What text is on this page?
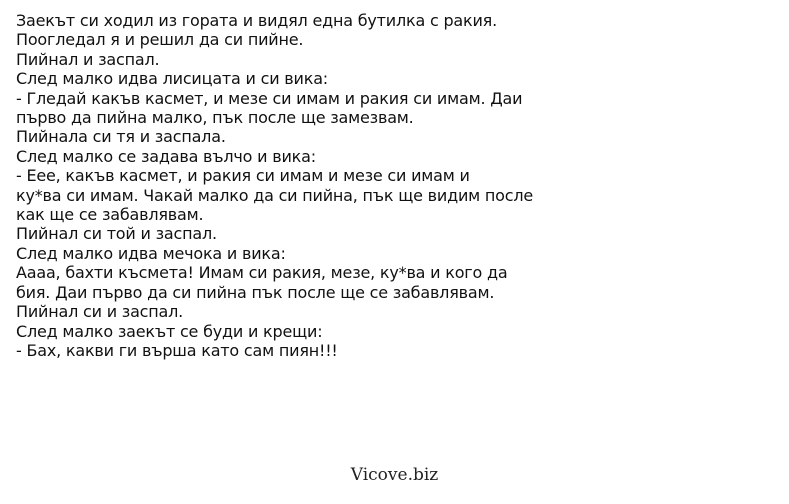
Заекът си ходил из гората и видял една бутилка с ракия.
Поогледал я и решил да си пийне.
Пийнал и заспал.
След малко идва лисицата и си вика:
- Гледай какъв касмет, и мезе си имам и ракия си имам. Даи
първо да пийна малко, пък после ще замезвам.
Пийнала си тя и заспала.
След малко се задава вълчо и вика:
- Еее, какъв касмет, и ракия си имам и мезе си имам и
ку*ва си имам. Чакай малко да си пийна, пък ще видим после
как ще се забавлявам.
Пийнал си той и заспал.
След малко идва мечока и вика:
Аааа, бахти късмета! Имам си ракия, мезе, ку*ва и кого да
бия. Даи първо да си пийна пък после ще се забавлявам.
Пийнал си и заспал.
След малко заекът се буди и крещи:
- Бах, какви ги върша като сам пиян!!!
Vicove.biz
